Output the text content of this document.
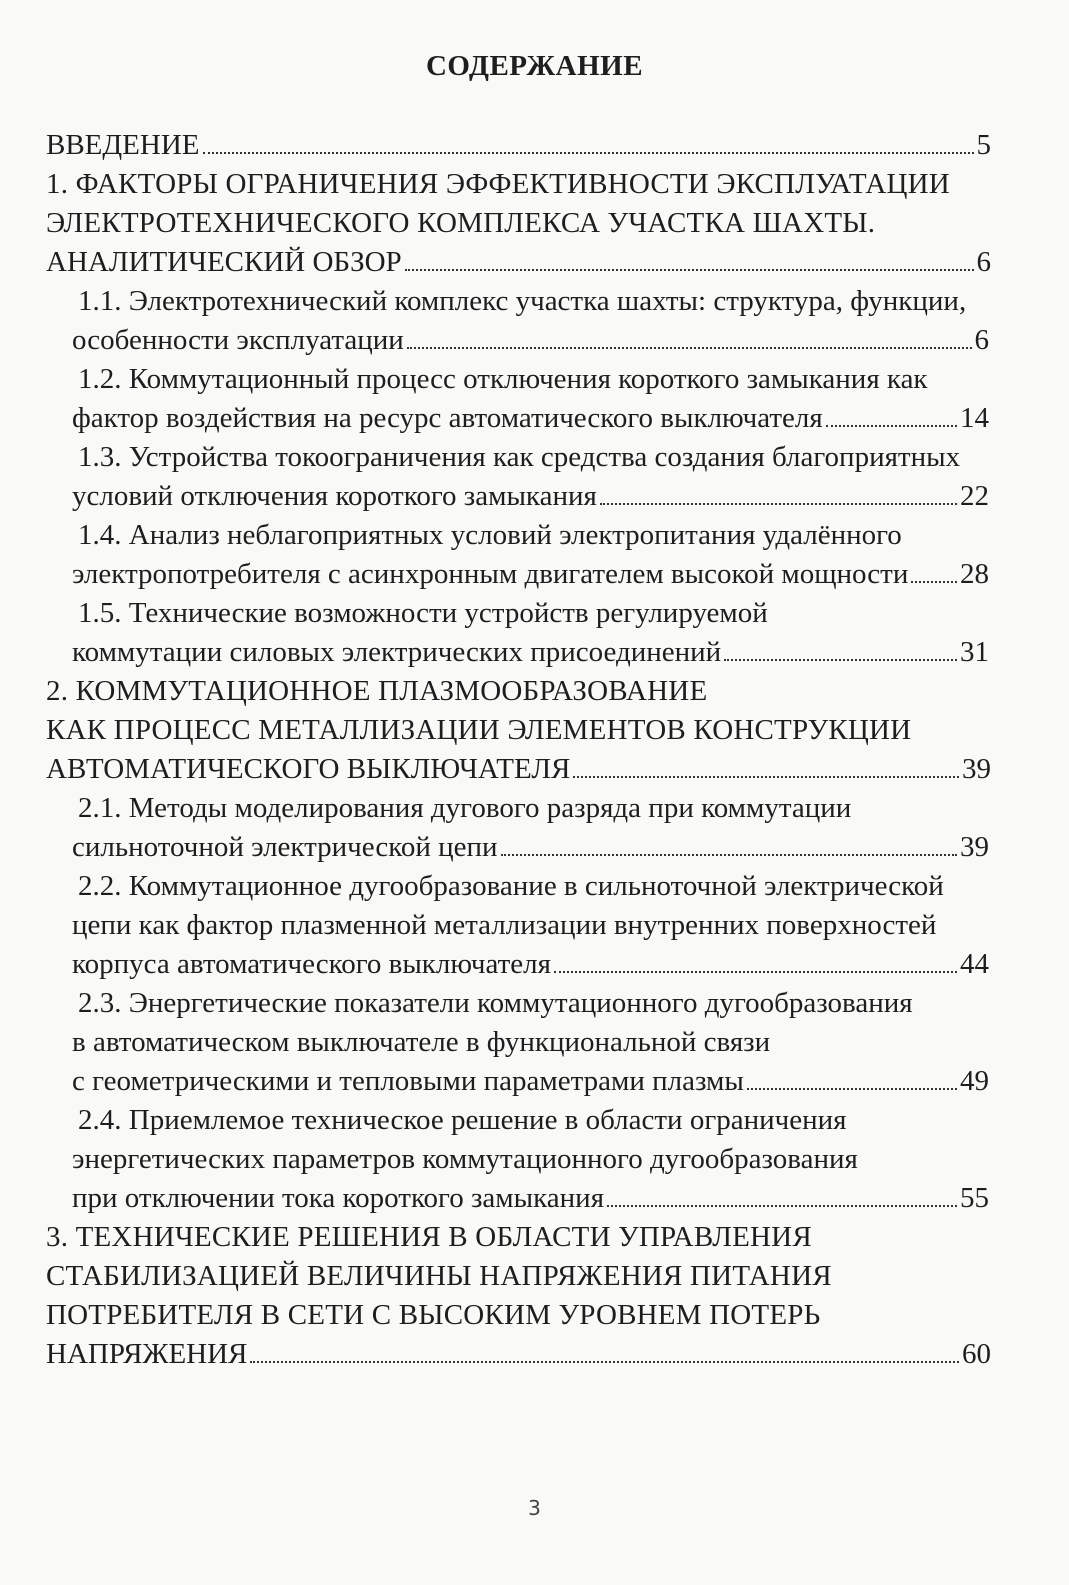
СОДЕРЖАНИЕ
ВВЕДЕНИЕ	5
1. ФАКТОРЫ ОГРАНИЧЕНИЯ ЭФФЕКТИВНОСТИ ЭКСПЛУАТАЦИИ
ЭЛЕКТРОТЕХНИЧЕСКОГО КОМПЛЕКСА УЧАСТКА ШАХТЫ.
АНАЛИТИЧЕСКИЙ ОБЗОР	6
1.1. Электротехнический комплекс участка шахты: структура, функции,
особенности эксплуатации	6
1.2. Коммутационный процесс отключения короткого замыкания как
фактор воздействия на ресурс автоматического выключателя	14
1.3. Устройства токоограничения как средства создания благоприятных
условий отключения короткого замыкания	22
1.4. Анализ неблагоприятных условий электропитания удалённого
электропотребителя с асинхронным двигателем высокой мощности 28
1.5. Технические возможности устройств регулируемой
коммутации силовых электрических присоединений	31
2. КОММУТАЦИОННОЕ ПЛАЗМООБРАЗОВАНИЕ
КАК ПРОЦЕСС МЕТАЛЛИЗАЦИИ ЭЛЕМЕНТОВ КОНСТРУКЦИИ
АВТОМАТИЧЕСКОГО ВЫКЛЮЧАТЕЛЯ	39
2.1. Методы моделирования дугового разряда при коммутации
сильноточной электрической цепи	39
2.2. Коммутационное дугообразование в сильноточной электрической
цепи как фактор плазменной металлизации внутренних поверхностей
корпуса автоматического выключателя	44
2.3. Энергетические показатели коммутационного дугообразования
в автоматическом выключателе в функциональной связи
с геометрическими и тепловыми параметрами плазмы	49
2.4. Приемлемое техническое решение в области ограничения
энергетических параметров коммутационного дугообразования
при отключении тока короткого замыкания	55
3. ТЕХНИЧЕСКИЕ РЕШЕНИЯ В ОБЛАСТИ УПРАВЛЕНИЯ
СТАБИЛИЗАЦИЕЙ ВЕЛИЧИНЫ НАПРЯЖЕНИЯ ПИТАНИЯ
ПОТРЕБИТЕЛЯ В СЕТИ С ВЫСОКИМ УРОВНЕМ ПОТЕРЬ
НАПРЯЖЕНИЯ	60
3
